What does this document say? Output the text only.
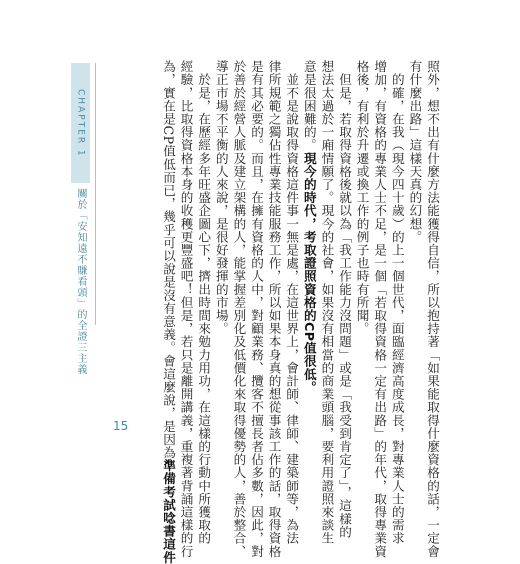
CHAPTER 1
關於「安知遠不賺看頭」的全證三主義
15	照外，想不出有什麼方法能獲得自信，所以抱持著「如果能取得什麼資格的話，一定會
有什麼出路」這樣天真的幻想。
　的確，在我（現今四十歲）的上一個世代，面臨經濟高度成長，對專業人士的需求
增加，有資格的專業人士不足，是一個「若取得資格一定有出路」的年代，取得專業資
格後，有利於升遷或換工作的例子也時有所聞。
　但是，若取得資格後就以為「我工作能力沒問題」或是「我受到肯定了」，這樣的
想法太過於一廂情願了。現今的社會，如果沒有相當的商業頭腦，要利用證照來談生
意是很困難的。現今的時代，考取證照資格的CP值很低。
　並不是說取得資格這件事一無是處，在這世界上，會計師、律師、建築師等，為法
律所規範之獨佔性專業技能服務工作，所以如果本身真的想從事該工作的話，取得資格
是有其必要的。而且，在擁有資格的人中，對顧業務、攬客不擅長者佔多數，因此，對
於善於經營人脈及建立架構的人，能掌握差別化及低價化來取得優勢的人，善於整合、
導正市場不平衡的人來說，是很好發揮的市場。
　於是，在歷經多年旺盛企圖心下，擠出時間來勉力用功，在這樣的行動中所獲取的
經驗，比取得資格本身的收穫更豐盛吧！但是，若只是離開講義，重複著背誦這樣的行
為，實在是CP值低而已，幾乎可以說是沒有意義。會這麼說，是因為準備考試唸書這件
